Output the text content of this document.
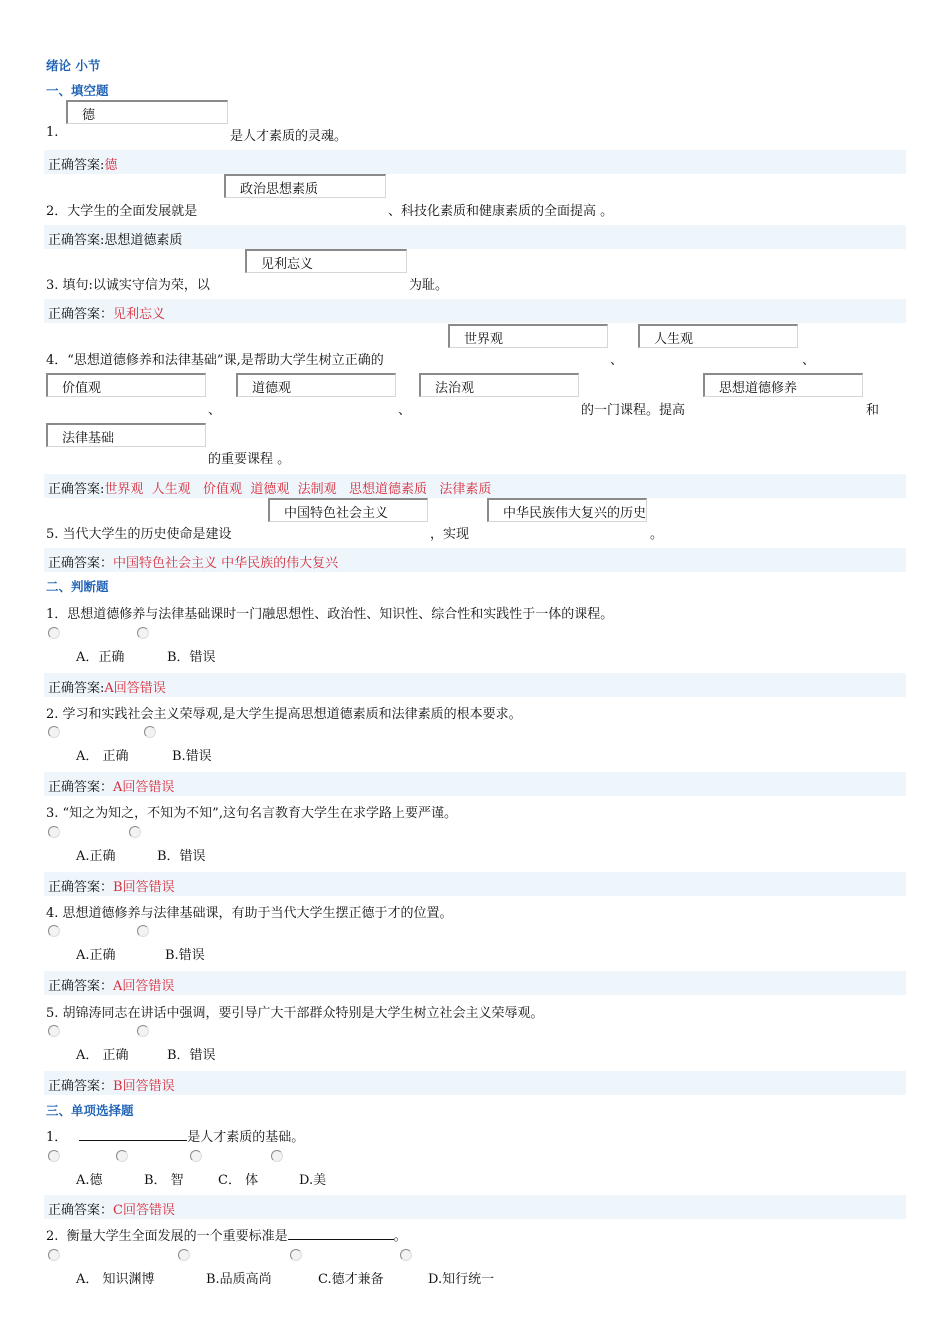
绪论 小节
一、填空题
德
1.	是人才素质的灵魂。
正确答案:德
政治思想素质
2．大学生的全面发展就是	、科技化素质和健康素质的全面提高 。
正确答案:思想道德素质
见利忘义
3. 填句:以诚实守信为荣，以	为耻。
正确答案：见利忘义
世界观	人生观
4．“思想道德修养和法律基础”课,是帮助大学生树立正确的	、	、
价值观	道德观	法治观	思想道德修养
、	、	的一门课程。提高	和
法律基础
的重要课程 。
正确答案:世界观  人生观   价值观  道德观  法制观   思想道德素质   法律素质
中国特色社会主义	中华民族伟大复兴的历史
5. 当代大学生的历史使命是建设	，实现	。
正确答案：中国特色社会主义 中华民族的伟大复兴
二、判断题
1．思想道德修养与法律基础课时一门融思想性、政治性、知识性、综合性和实践性于一体的课程。
A．正确	B．错误
正确答案:A回答错误
2. 学习和实践社会主义荣辱观,是大学生提高思想道德素质和法律素质的根本要求。
A． 正确	B.错误
正确答案：A回答错误
3. “知之为知之，不知为不知”,这句名言教育大学生在求学路上要严谨。
A.正确	B．错误
正确答案：B回答错误
4. 思想道德修养与法律基础课，有助于当代大学生摆正德于才的位置。
A.正确	B.错误
正确答案：A回答错误
5. 胡锦涛同志在讲话中强调，要引导广大干部群众特别是大学生树立社会主义荣辱观。
A． 正确	B．错误
正确答案：B回答错误
三、单项选择题
1．	是人才素质的基础。
A.德	B． 智	C． 体	D.美
正确答案：C回答错误
2.  衡量大学生全面发展的一个重要标准是	。
A． 知识渊博	B.品质高尚	C.德才兼备	D.知行统一
